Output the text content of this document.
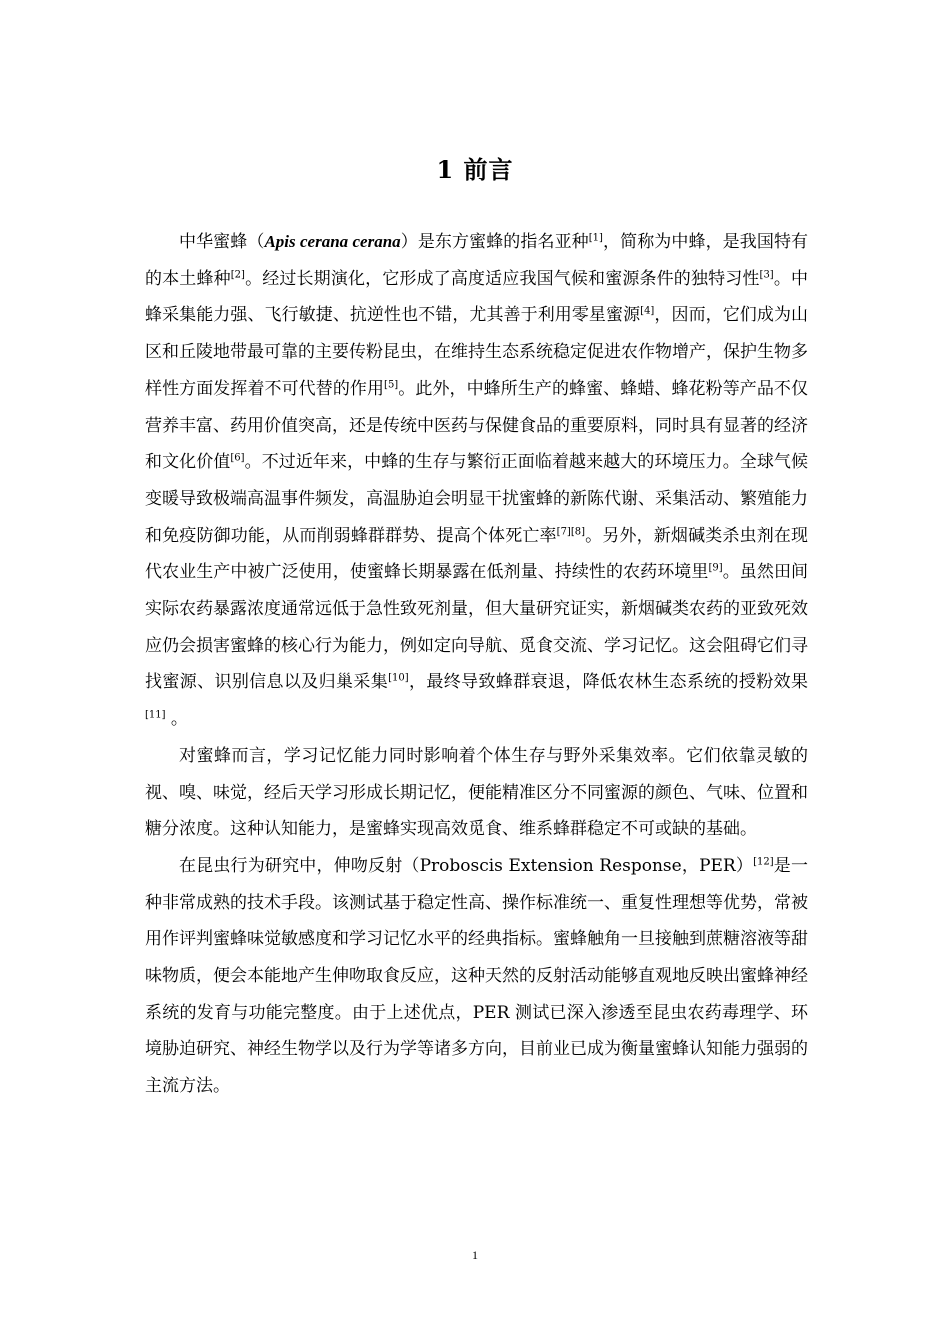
1 前言

中华蜜蜂（Apis cerana cerana）是东方蜜蜂的指名亚种[1]，简称为中蜂，是我国特有的本土蜂种[2]。经过长期演化，它形成了高度适应我国气候和蜜源条件的独特习性[3]。中蜂采集能力强、飞行敏捷、抗逆性也不错，尤其善于利用零星蜜源[4]，因而，它们成为山区和丘陵地带最可靠的主要传粉昆虫，在维持生态系统稳定促进农作物增产，保护生物多样性方面发挥着不可代替的作用[5]。此外，中蜂所生产的蜂蜜、蜂蜡、蜂花粉等产品不仅营养丰富、药用价值突高，还是传统中医药与保健食品的重要原料，同时具有显著的经济和文化价值[6]。不过近年来，中蜂的生存与繁衍正面临着越来越大的环境压力。全球气候变暖导致极端高温事件频发，高温胁迫会明显干扰蜜蜂的新陈代谢、采集活动、繁殖能力和免疫防御功能，从而削弱蜂群群势、提高个体死亡率[7][8]。另外，新烟碱类杀虫剂在现代农业生产中被广泛使用，使蜜蜂长期暴露在低剂量、持续性的农药环境里[9]。虽然田间实际农药暴露浓度通常远低于急性致死剂量，但大量研究证实，新烟碱类农药的亚致死效应仍会损害蜜蜂的核心行为能力，例如定向导航、觅食交流、学习记忆。这会阻碍它们寻找蜜源、识别信息以及归巢采集[10]，最终导致蜂群衰退，降低农林生态系统的授粉效果[11] 。

对蜜蜂而言，学习记忆能力同时影响着个体生存与野外采集效率。它们依靠灵敏的视、嗅、味觉，经后天学习形成长期记忆，便能精准区分不同蜜源的颜色、气味、位置和糖分浓度。这种认知能力，是蜜蜂实现高效觅食、维系蜂群稳定不可或缺的基础。

在昆虫行为研究中，伸吻反射（Proboscis Extension Response，PER）[12]是一种非常成熟的技术手段。该测试基于稳定性高、操作标准统一、重复性理想等优势，常被用作评判蜜蜂味觉敏感度和学习记忆水平的经典指标。蜜蜂触角一旦接触到蔗糖溶液等甜味物质，便会本能地产生伸吻取食反应，这种天然的反射活动能够直观地反映出蜜蜂神经系统的发育与功能完整度。由于上述优点，PER 测试已深入渗透至昆虫农药毒理学、环境胁迫研究、神经生物学以及行为学等诸多方向，目前业已成为衡量蜜蜂认知能力强弱的主流方法。

1
